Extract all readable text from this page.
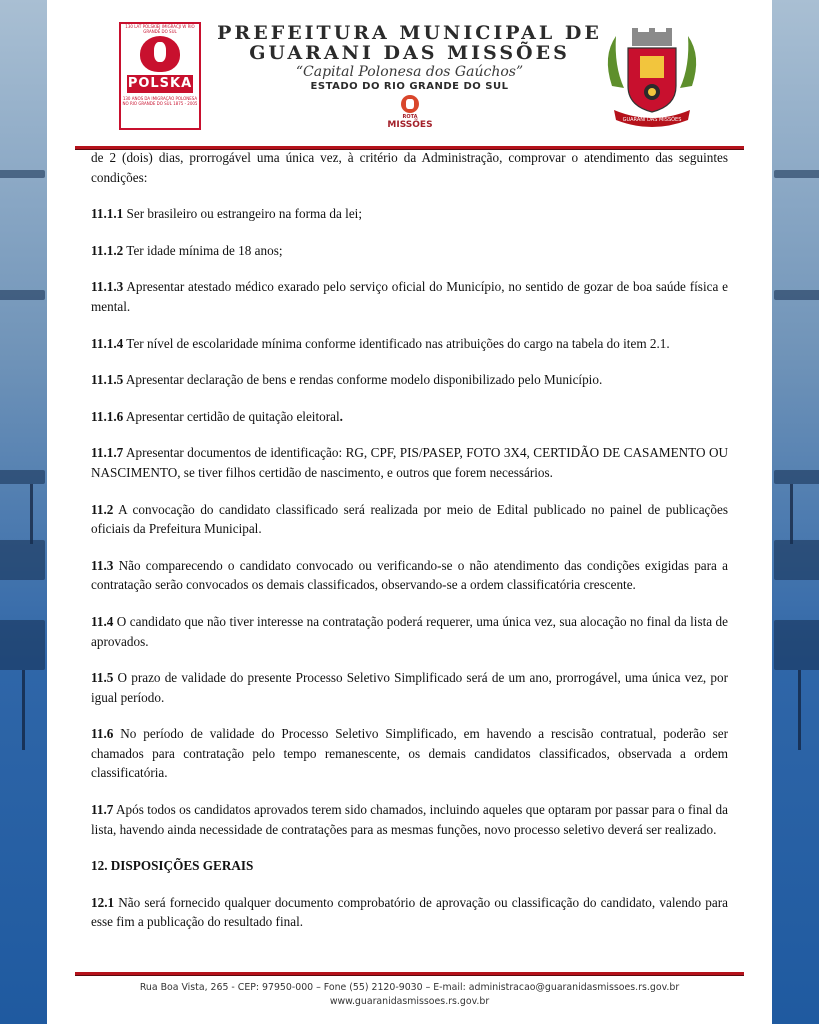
130 LAT POLSKIEJ IMIGRACJI W RIO GRANDE DO SUL
POLSKA
130 ANOS DA IMIGRAÇÃO POLONESA NO RIO GRANDE DO SUL 1875 - 2005
PREFEITURA MUNICIPAL DE
GUARANI DAS MISSÕES
“Capital Polonesa dos Gaúchos”
ESTADO DO RIO GRANDE DO SUL
ROTA
MISSÕES	GUARANI DAS MISSÕES

de 2 (dois) dias, prorrogável uma única vez, à critério da Administração, comprovar o atendimento das seguintes condições:

11.1.1 Ser brasileiro ou estrangeiro na forma da lei;

11.1.2 Ter idade mínima de 18 anos;

11.1.3 Apresentar atestado médico exarado pelo serviço oficial do Município, no sentido de gozar de boa saúde física e mental.

11.1.4 Ter nível de escolaridade mínima conforme identificado nas atribuições do cargo na tabela do item 2.1.

11.1.5 Apresentar declaração de bens e rendas conforme modelo disponibilizado pelo Município.

11.1.6 Apresentar certidão de quitação eleitoral.

11.1.7 Apresentar documentos de identificação: RG, CPF, PIS/PASEP, FOTO 3X4, CERTIDÃO DE CASAMENTO OU NASCIMENTO, se tiver filhos certidão de nascimento, e outros que forem necessários.

11.2 A convocação do candidato classificado será realizada por meio de Edital publicado no painel de publicações oficiais da Prefeitura Municipal.

11.3 Não comparecendo o candidato convocado ou verificando-se o não atendimento das condições exigidas para a contratação serão convocados os demais classificados, observando-se a ordem classificatória crescente.

11.4 O candidato que não tiver interesse na contratação poderá requerer, uma única vez, sua alocação no final da lista de aprovados.

11.5 O prazo de validade do presente Processo Seletivo Simplificado será de um ano, prorrogável, uma única vez, por igual período.

11.6 No período de validade do Processo Seletivo Simplificado, em havendo a rescisão contratual, poderão ser chamados para contratação pelo tempo remanescente, os demais candidatos classificados, observada a ordem classificatória.

11.7 Após todos os candidatos aprovados terem sido chamados, incluindo aqueles que optaram por passar para o final da lista, havendo ainda necessidade de contratações para as mesmas funções, novo processo seletivo deverá ser realizado.

12. DISPOSIÇÕES GERAIS

12.1 Não será fornecido qualquer documento comprobatório de aprovação ou classificação do candidato, valendo para esse fim a publicação do resultado final.

Rua Boa Vista, 265 - CEP: 97950-000 – Fone (55) 2120-9030 – E-mail: administracao@guaranidasmissoes.rs.gov.br
www.guaranidasmissoes.rs.gov.br
